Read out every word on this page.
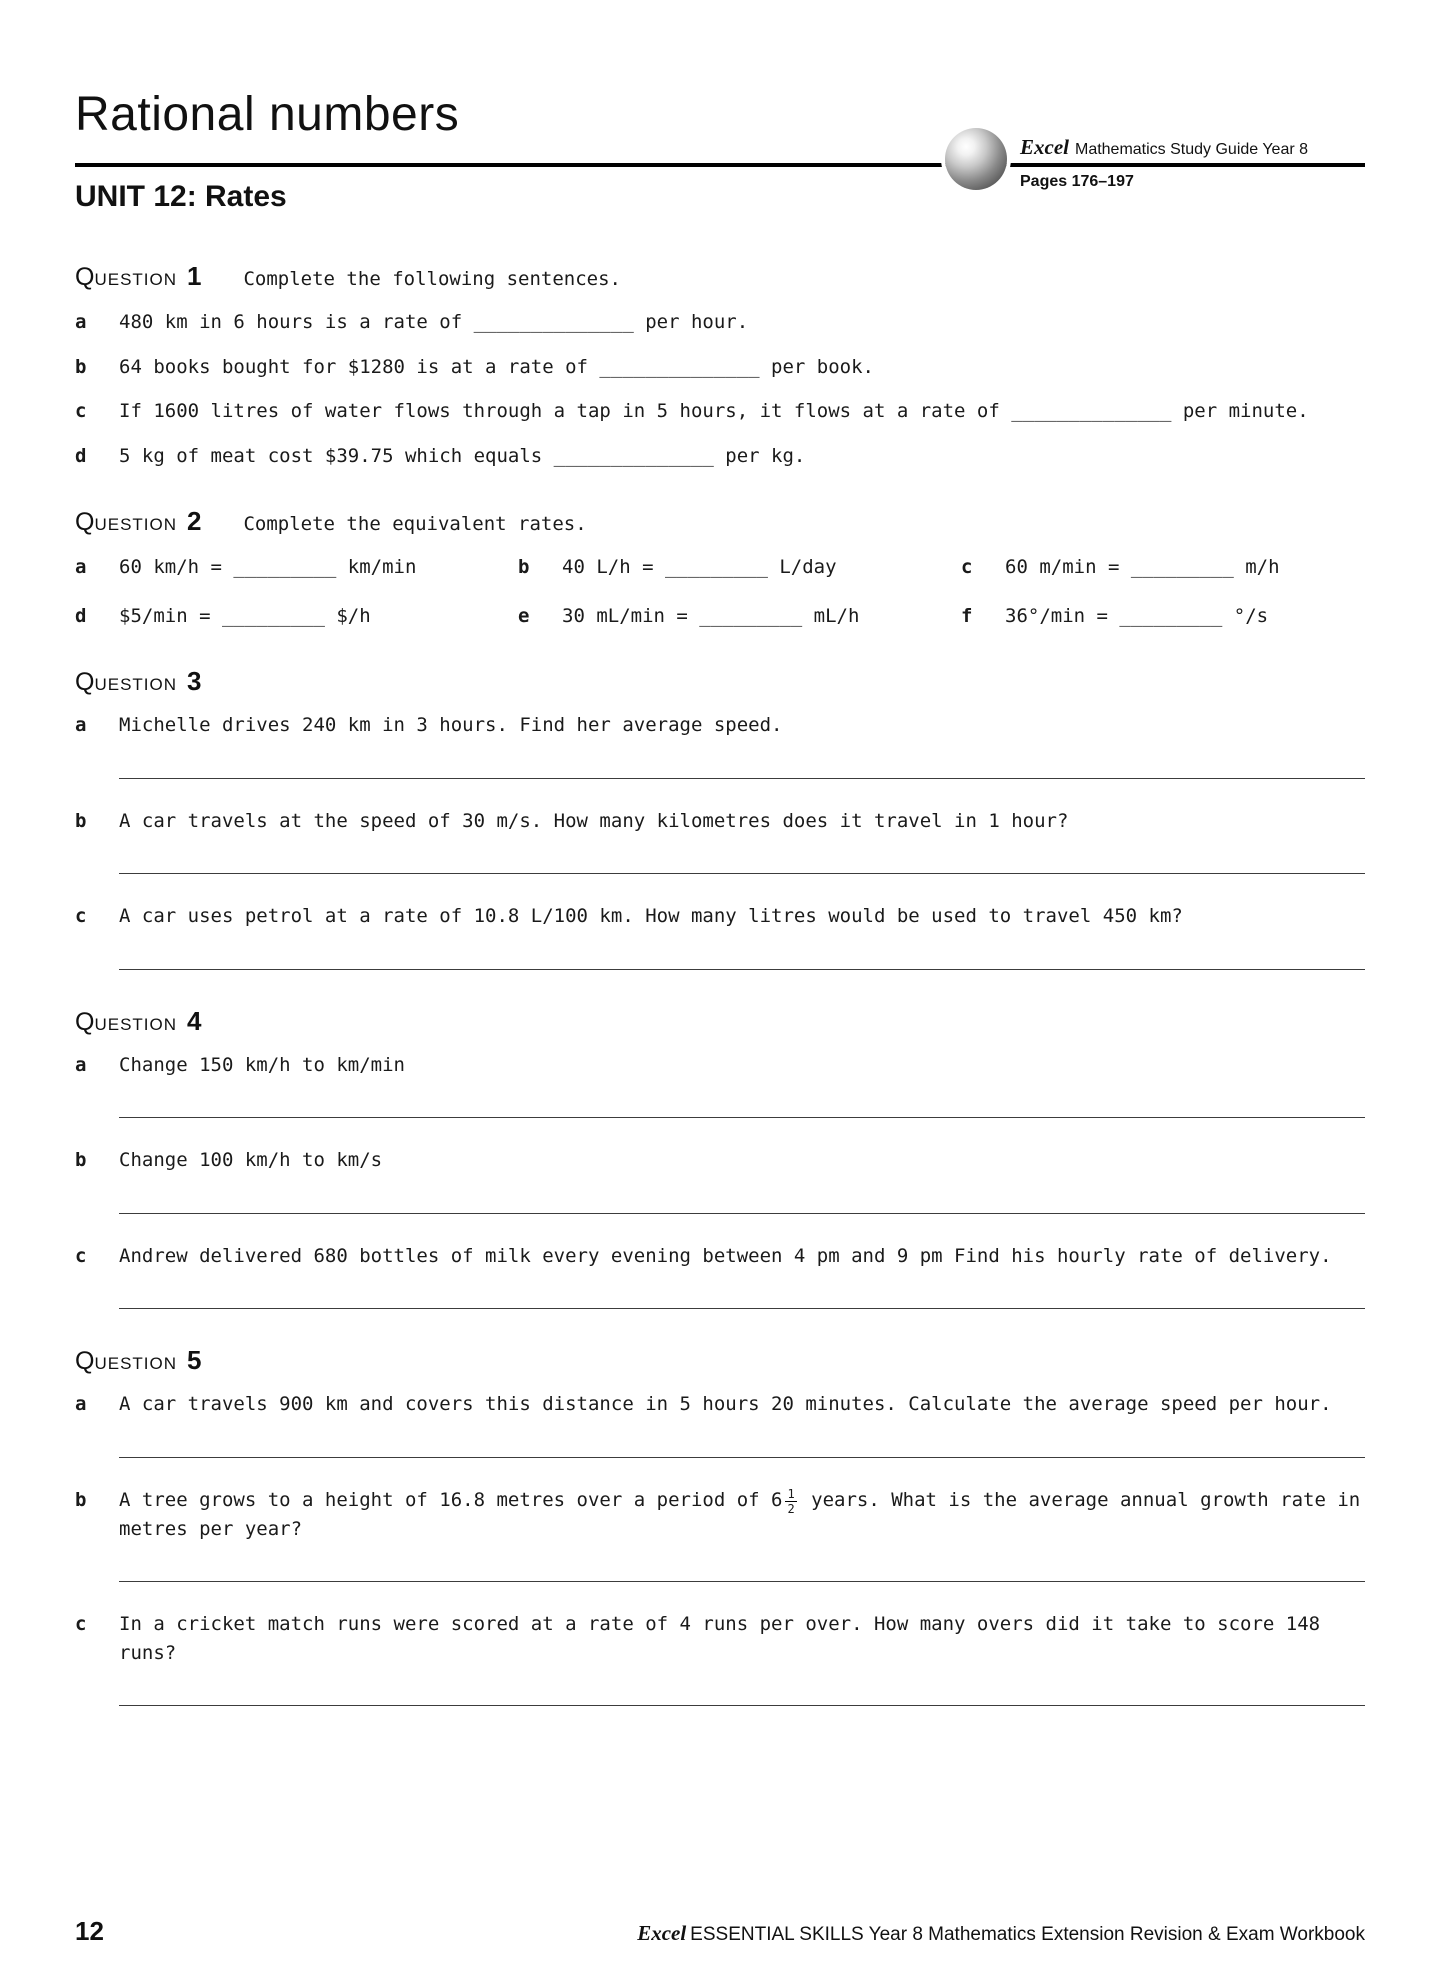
Rational numbers
Excel Mathematics Study Guide Year 8
Pages 176–197
UNIT 12: Rates
QUESTION 1 Complete the following sentences.
a	480 km in 6 hours is a rate of ______________ per hour.
b	64 books bought for $1280 is at a rate of ______________ per book.
c	If 1600 litres of water flows through a tap in 5 hours, it flows at a rate of ______________ per minute.
d	5 kg of meat cost $39.75 which equals ______________ per kg.
QUESTION 2 Complete the equivalent rates.
a	60 km/h = _________ km/min	b	40 L/h = _________ L/day	c	60 m/min = _________ m/h
d	$5/min = _________ $/h	e	30 mL/min = _________ mL/h	f	36°/min = _________ °/s
QUESTION 3
a	Michelle drives 240 km in 3 hours. Find her average speed.
b	A car travels at the speed of 30 m/s. How many kilometres does it travel in 1 hour?
c	A car uses petrol at a rate of 10.8 L/100 km. How many litres would be used to travel 450 km?
QUESTION 4
a	Change 150 km/h to km/min
b	Change 100 km/h to km/s
c	Andrew delivered 680 bottles of milk every evening between 4 pm and 9 pm Find his hourly rate of delivery.
QUESTION 5
a	A car travels 900 km and covers this distance in 5 hours 20 minutes. Calculate the average speed per hour.
b	A tree grows to a height of 16.8 metres over a period of $6 \frac{1}{2}$ years. What is the average annual growth rate in metres per year?
c	In a cricket match runs were scored at a rate of 4 runs per over. How many overs did it take to score 148 runs?
12	Excel ESSENTIAL SKILLS Year 8 Mathematics Extension Revision & Exam Workbook
